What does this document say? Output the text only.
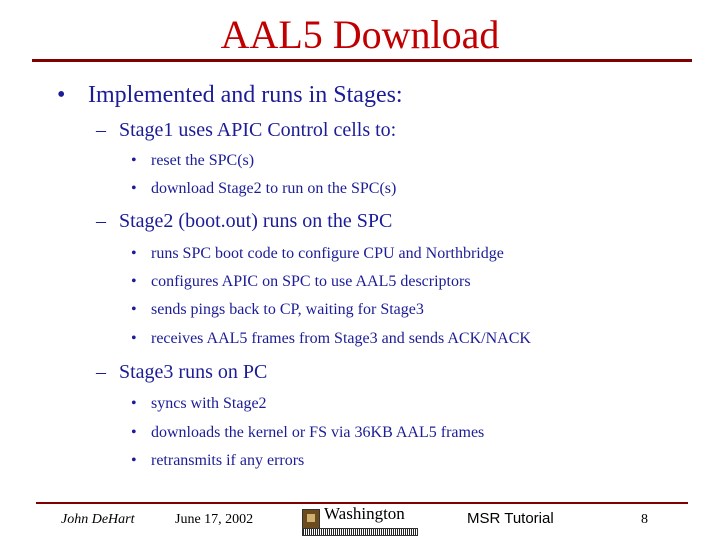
AAL5 Download
• Implemented and runs in Stages:
– Stage1 uses APIC Control cells to:
• reset the SPC(s)
• download Stage2 to run on the SPC(s)
– Stage2 (boot.out) runs on the SPC
• runs SPC boot code to configure CPU and Northbridge
• configures APIC on SPC to use AAL5 descriptors
• sends pings back to CP, waiting for Stage3
• receives AAL5 frames from Stage3 and sends ACK/NACK
– Stage3 runs on PC
• syncs with Stage2
• downloads the kernel or FS via 36KB AAL5 frames
• retransmits if any errors
John DeHart	June 17, 2002	Washington	MSR Tutorial	8
